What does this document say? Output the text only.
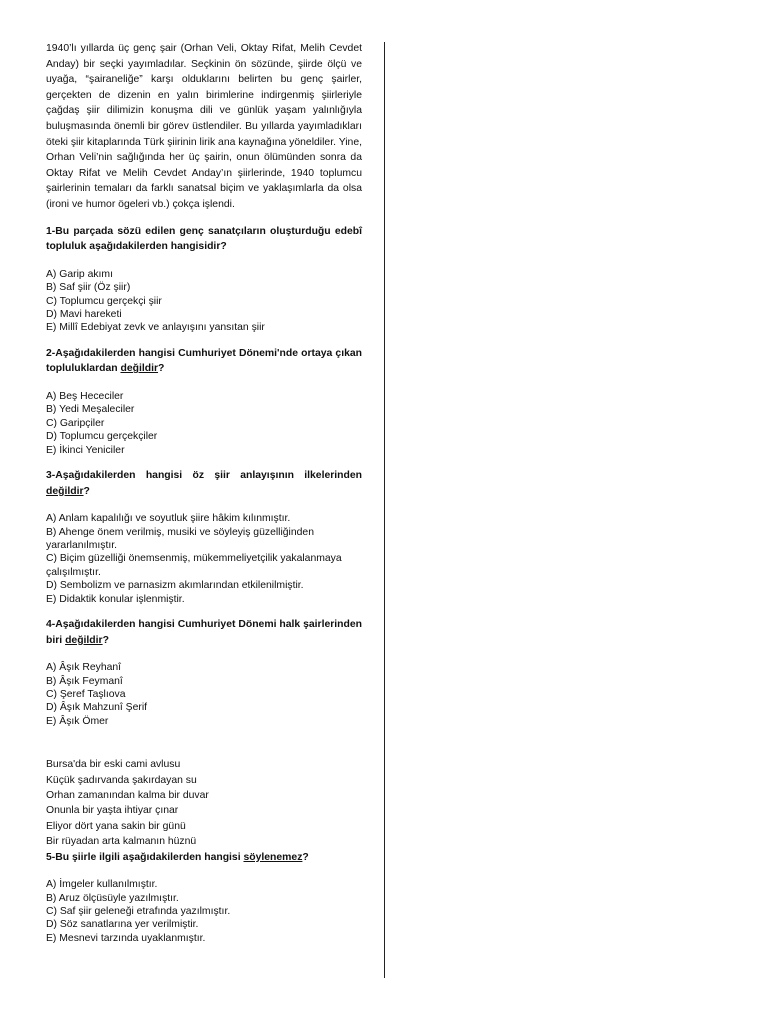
1940’lı yıllarda üç genç şair (Orhan Veli, Oktay Rifat, Melih Cevdet Anday) bir seçki yayımladılar. Seçkinin ön sözünde, şiirde ölçü ve uyağa, “şairaneliğe” karşı olduklarını belirten bu genç şairler, gerçekten de dizenin en yalın birimlerine indirgenmiş şiirleriyle çağdaş şiir dilimizin konuşma dili ve günlük yaşam yalınlığıyla buluşmasında önemli bir görev üstlendiler. Bu yıllarda yayımladıkları öteki şiir kitaplarında Türk şiirinin lirik ana kaynağına yöneldiler. Yine, Orhan Veli’nin sağlığında her üç şairin, onun ölümünden sonra da Oktay Rifat ve Melih Cevdet Anday’ın şiirlerinde, 1940 toplumcu şairlerinin temaları da farklı sanatsal biçim ve yaklaşımlarla da olsa (ironi ve humor ögeleri vb.) çokça işlendi.

1-Bu parçada sözü edilen genç sanatçıların oluşturduğu edebî topluluk aşağıdakilerden hangisidir?

A) Garip akımı
B) Saf şiir (Öz şiir)
C) Toplumcu gerçekçi şiir
D) Mavi hareketi
E) Millî Edebiyat zevk ve anlayışını yansıtan şiir

2-Aşağıdakilerden hangisi Cumhuriyet Dönemi'nde ortaya çıkan topluluklardan değildir?

A) Beş Hececiler
B) Yedi Meşaleciler
C) Garipçiler
D) Toplumcu gerçekçiler
E) İkinci Yeniciler

3-Aşağıdakilerden hangisi öz şiir anlayışının ilkelerinden değildir?

A) Anlam kapalılığı ve soyutluk şiire hâkim kılınmıştır.
B) Ahenge önem verilmiş, musiki ve söyleyiş güzelliğinden yararlanılmıştır.
C) Biçim güzelliği önemsenmiş, mükemmeliyetçilik yakalanmaya çalışılmıştır.
D) Sembolizm ve parnasizm akımlarından etkilenilmiştir.
E) Didaktik konular işlenmiştir.

4-Aşağıdakilerden hangisi Cumhuriyet Dönemi halk şairlerinden biri değildir?

A) Âşık Reyhanî
B) Âşık Feymanî
C) Şeref Taşlıova
D) Âşık Mahzunî Şerif
E) Âşık Ömer
Bursa'da bir eski cami avlusu
Küçük şadırvanda şakırdayan su
Orhan zamanından kalma bir duvar
Onunla bir yaşta ihtiyar çınar
Eliyor dört yana sakin bir günü
Bir rüyadan arta kalmanın hüznü

5-Bu şiirle ilgili aşağıdakilerden hangisi söylenemez?

A) İmgeler kullanılmıştır.
B) Aruz ölçüsüyle yazılmıştır.
C) Saf şiir geleneği etrafında yazılmıştır.
D) Söz sanatlarına yer verilmiştir.
E) Mesnevi tarzında uyaklanmıştır.
